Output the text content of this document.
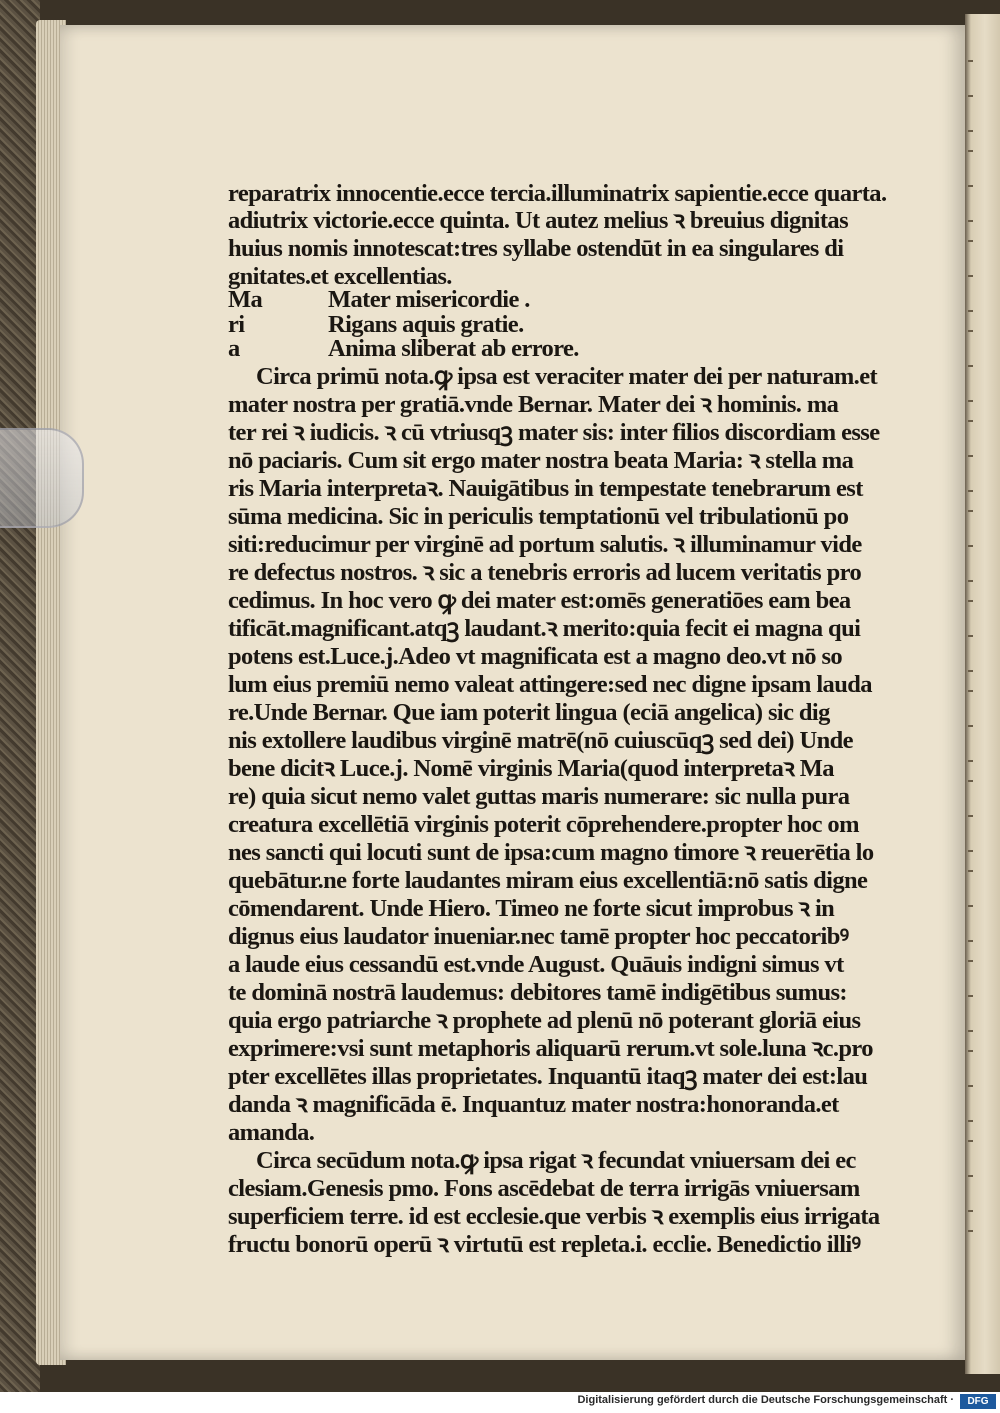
reparatrix innocentie.ecce tercia.illuminatrix sapientie.ecce quarta.
adiutrix victorie.ecce quinta. Ut autez melius ꝛ breuius dignitas
huius nomis innotescat:tres syllabe ostendūt in ea singulares di
gnitates.et excellentias.
Ma	Mater misericordie .
ri	Rigans aquis gratie.
a	Anima sliberat ab errore.
Circa primū nota.ꝙ ipsa est veraciter mater dei per naturam.et
mater nostra per gratiā.vnde Bernar. Mater dei ꝛ hominis. ma
ter rei ꝛ iudicis. ꝛ cū vtriusqꝫ mater sis: inter filios discordiam esse
nō paciaris. Cum sit ergo mater nostra beata Maria: ꝛ stella ma
ris Maria interpretaꝛ. Nauigātibus in tempestate tenebrarum est
sūma medicina. Sic in periculis temptationū vel tribulationū po
siti:reducimur per virginē ad portum salutis. ꝛ illuminamur vide
re defectus nostros. ꝛ sic a tenebris erroris ad lucem veritatis pro
cedimus. In hoc vero ꝙ dei mater est:omēs generatiōes eam bea
tificāt.magnificant.atqꝫ laudant.ꝛ merito:quia fecit ei magna qui
potens est.Luce.j.Adeo vt magnificata est a magno deo.vt nō so
lum eius premiū nemo valeat attingere:sed nec digne ipsam lauda
re.Unde Bernar. Que iam poterit lingua (eciā angelica) sic dig
nis extollere laudibus virginē matrē(nō cuiuscūqꝫ sed dei) Unde
bene dicitꝛ Luce.j. Nomē virginis Maria(quod interpretaꝛ Ma
re) quia sicut nemo valet guttas maris numerare: sic nulla pura
creatura excellētiā virginis poterit cōprehendere.propter hoc om
nes sancti qui locuti sunt de ipsa:cum magno timore ꝛ reuerētia lo
quebātur.ne forte laudantes miram eius excellentiā:nō satis digne
cōmendarent. Unde Hiero. Timeo ne forte sicut improbus ꝛ in
dignus eius laudator inueniar.nec tamē propter hoc peccatoribꝰ
a laude eius cessandū est.vnde August. Quāuis indigni simus vt
te dominā nostrā laudemus: debitores tamē indigētibus sumus:
quia ergo patriarche ꝛ prophete ad plenū nō poterant gloriā eius
exprimere:vsi sunt metaphoris aliquarū rerum.vt sole.luna ꝛc.pro
pter excellētes illas proprietates. Inquantū itaqꝫ mater dei est:lau
danda ꝛ magnificāda ē. Inquantuz mater nostra:honoranda.et
amanda.
Circa secūdum nota.ꝙ ipsa rigat ꝛ fecundat vniuersam dei ec
clesiam.Genesis pmo. Fons ascēdebat de terra irrigās vniuersam
superficiem terre. id est ecclesie.que verbis ꝛ exemplis eius irrigata
fructu bonorū operū ꝛ virtutū est repleta.i. ecclie. Benedictio illiꝰ
Digitalisierung gefördert durch die Deutsche Forschungsgemeinschaft ·	DFG
